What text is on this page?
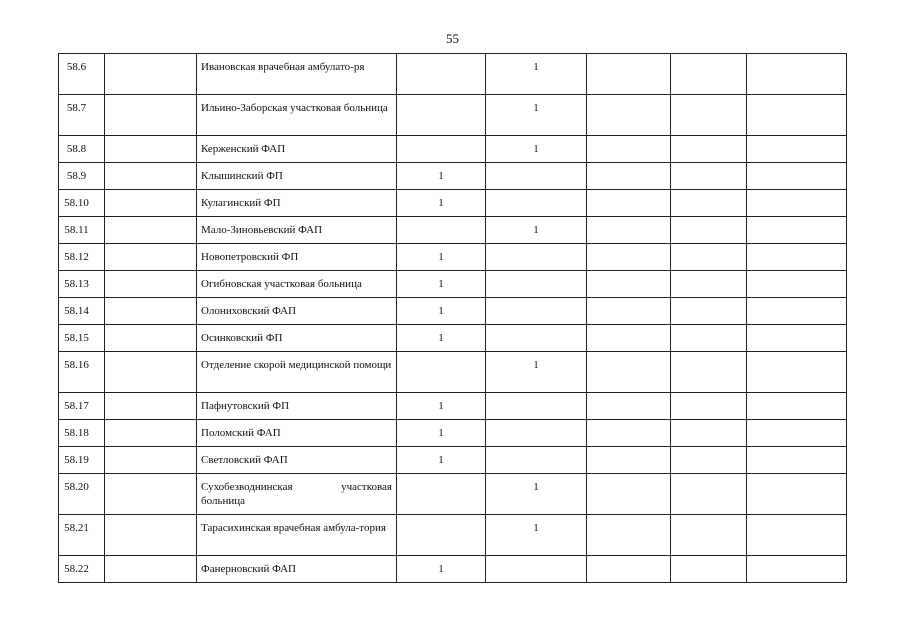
55
58.6		Ивановская врачебная амбулато-ря		1			
58.7		Ильино-Заборская участковая больница		1			
58.8		Керженский ФАП		1			
58.9		Клышинский ФП	1				
58.10		Кулагинский ФП	1				
58.11		Мало-Зиновьевский ФАП		1			
58.12		Новопетровский ФП	1				
58.13		Огибновская участковая больница	1				
58.14		Олониховский ФАП	1				
58.15		Осинковский ФП	1				
58.16		Отделение скорой медицинской помощи		1			
58.17		Пафнутовский ФП	1				
58.18		Поломский ФАП	1				
58.19		Светловский ФАП	1				
58.20		Сухобезводнинская участковая больница		1			
58.21		Тарасихинская врачебная амбула-тория		1			
58.22		Фанерновский ФАП	1				
